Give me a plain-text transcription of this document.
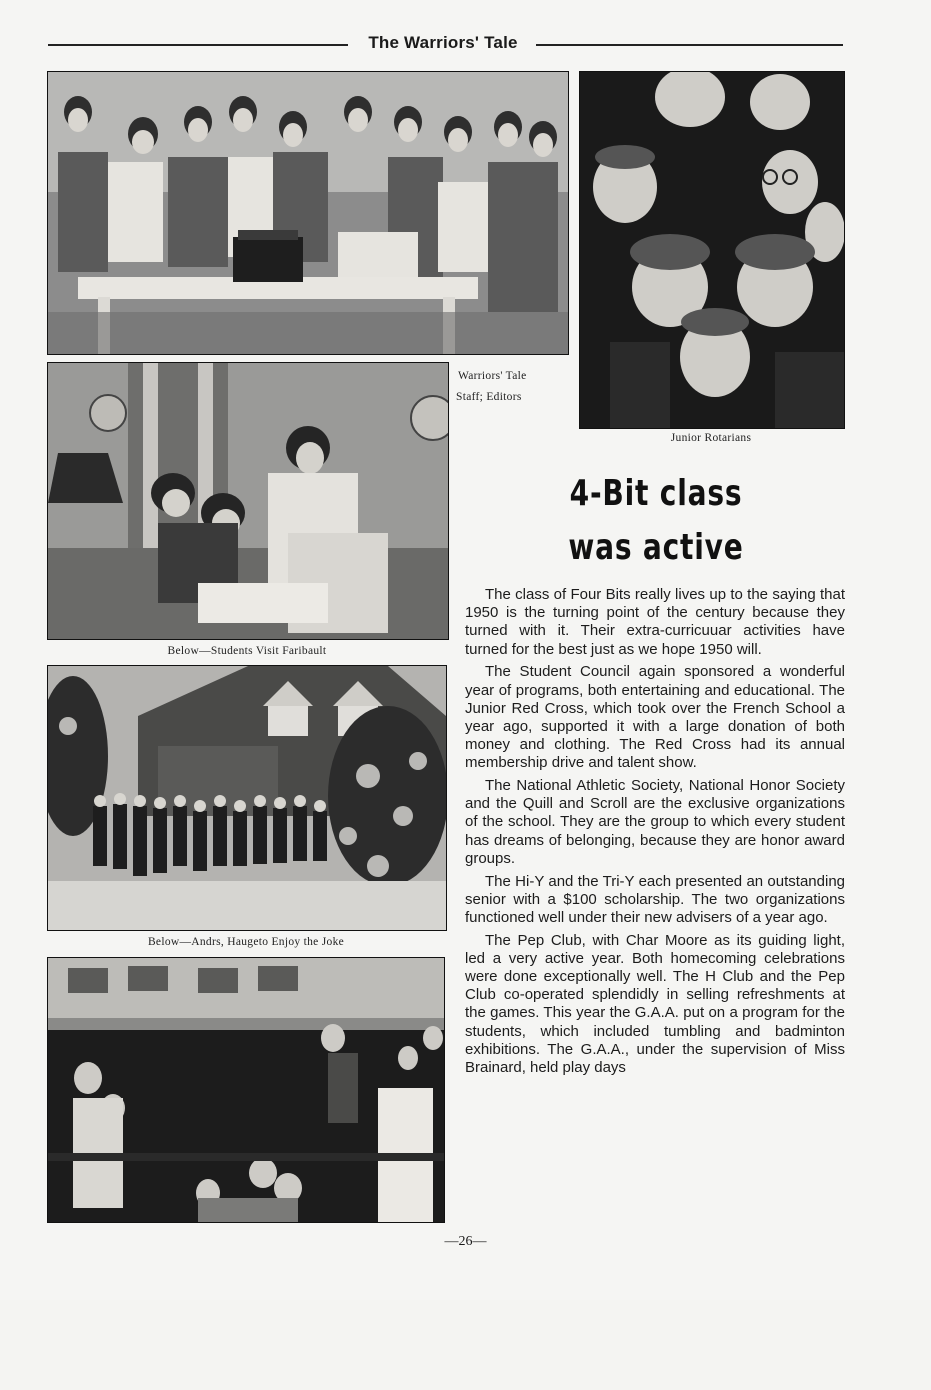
The Warriors' Tale
Warriors' Tale
Staff; Editors
Junior Rotarians
Below—Students Visit Faribault
Below—Andrs, Haugeto Enjoy the Joke
4-Bit class
was active

The class of Four Bits really lives up to the saying that 1950 is the turning point of the century because they turned with it. Their extra-curricuuar activities have turned for the best just as we hope 1950 will.

The Student Council again sponsored a wonderful year of programs, both entertaining and educational. The Junior Red Cross, which took over the French School a year ago, supported it with a large donation of both money and clothing. The Red Cross had its annual membership drive and talent show.

The National Athletic Society, National Honor Society and the Quill and Scroll are the exclusive organizations of the school. They are the group to which every student has dreams of belonging, because they are honor award groups.

The Hi-Y and the Tri-Y each presented an outstanding senior with a $100 scholarship. The two organizations functioned well under their new advisers of a year ago.

The Pep Club, with Char Moore as its guiding light, led a very active year. Both homecoming celebrations were done exceptionally well. The H Club and the Pep Club co-operated splendidly in selling refreshments at the games. This year the G.A.A. put on a program for the students, which included tumbling and badminton exhibitions. The G.A.A., under the supervision of Miss Brainard, held play days

—26—
